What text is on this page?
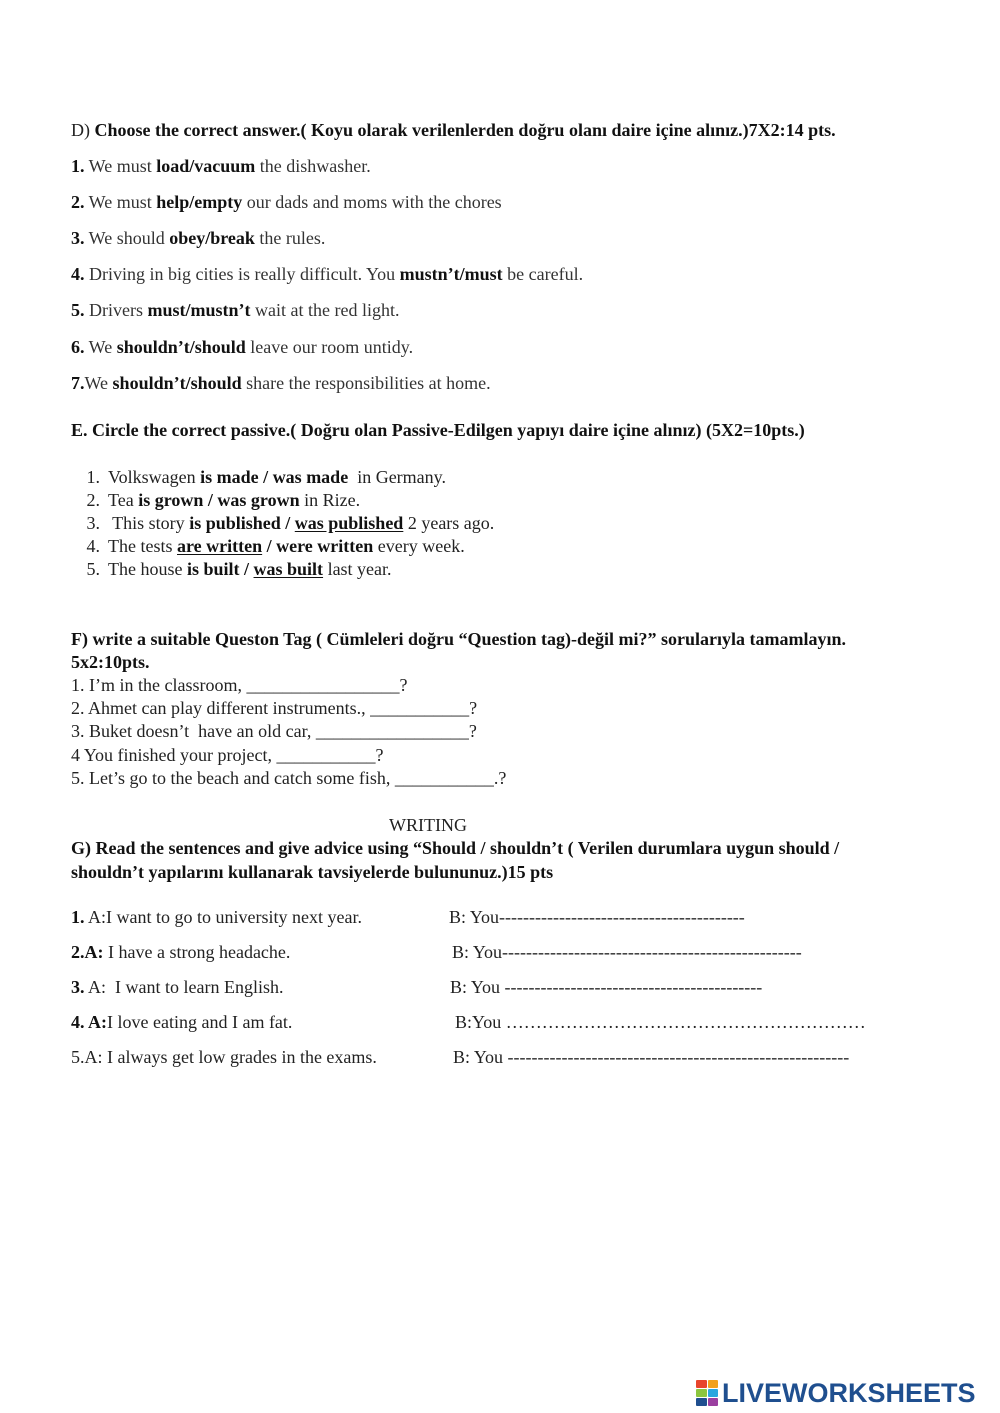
D) Choose the correct answer.( Koyu olarak verilenlerden doğru olanı daire içine alınız.)7X2:14 pts.
1. We must load/vacuum the dishwasher.
2. We must help/empty our dads and moms with the chores
3. We should obey/break the rules.
4. Driving in big cities is really difficult. You mustn’t/must be careful.
5. Drivers must/mustn’t wait at the red light.
6. We shouldn’t/should leave our room untidy.
7.We shouldn’t/should share the responsibilities at home.
E. Circle the correct passive.( Doğru olan Passive-Edilgen yapıyı daire içine alınız) (5X2=10pts.)
1. Volkswagen is made / was made  in Germany.
2. Tea is grown / was grown in Rize.
3. This story is published / was published 2 years ago.
4. The tests are written / were written every week.
5. The house is built / was built last year.
F) write a suitable Queston Tag ( Cümleleri doğru “Question tag)-değil mi?” sorularıyla tamamlayın.
5x2:10pts.
1. I’m in the classroom, _________________?
2. Ahmet can play different instruments., ___________?
3. Buket doesn’t  have an old car, _________________?
4 You finished your project, ___________?
5. Let’s go to the beach and catch some fish, ___________.?
WRITING
G) Read the sentences and give advice using “Should / shouldn’t ( Verilen durumlara uygun should /
shouldn’t yapılarını kullanarak tavsiyelerde bulununuz.)15 pts
1. A:I want to go to university next year.	B: You-----------------------------------------
2.A: I have a strong headache.	B: You--------------------------------------------------
3. A:  I want to learn English.	B: You -------------------------------------------
4. A:I love eating and I am fat.	B:You ……………………………………………………
5.A: I always get low grades in the exams.	B: You ---------------------------------------------------------
LIVEWORKSHEETS
